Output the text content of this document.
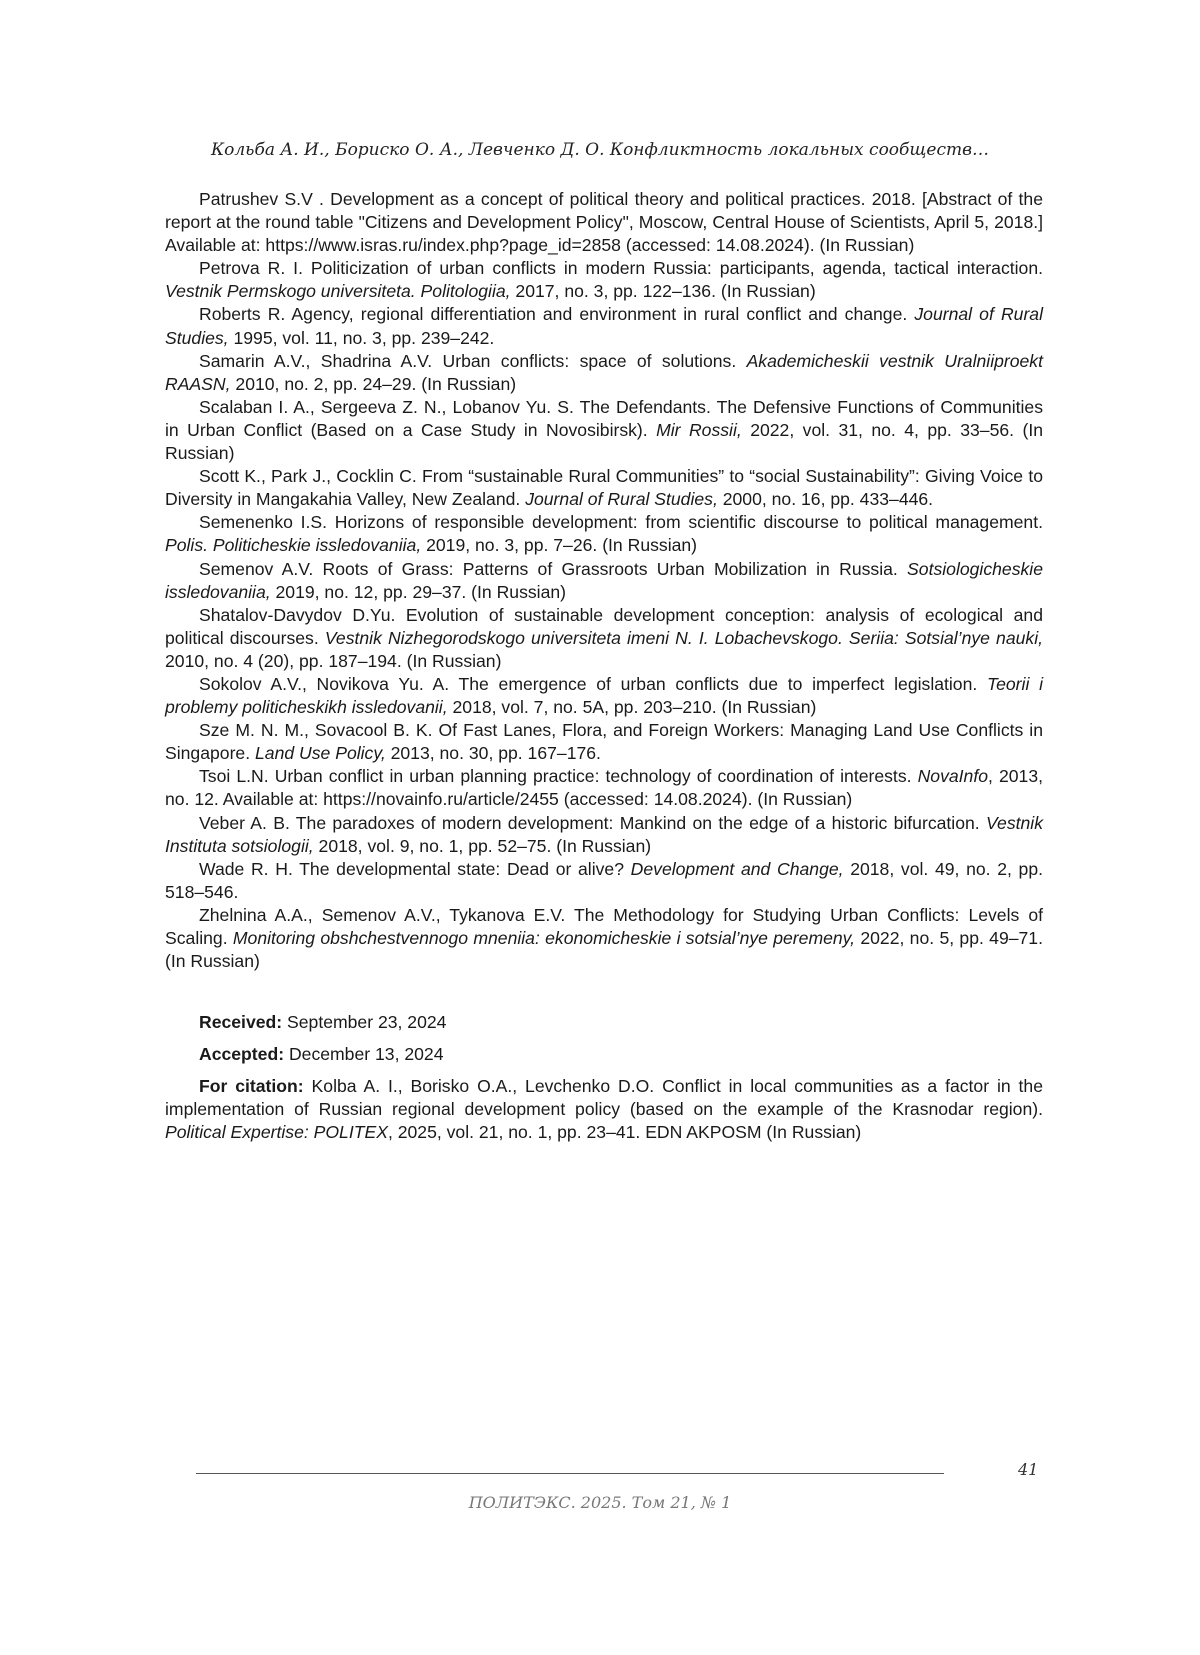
Кольба А. И., Бориско О. А., Левченко Д. О. Конфликтность локальных сообществ…

Patrushev S.V . Development as a concept of political theory and political practices. 2018. [Abstract of the report at the round table "Citizens and Development Policy", Moscow, Central House of Scientists, April 5, 2018.] Available at: https://www.isras.ru/index.php?page_id=2858 (accessed: 14.08.2024). (In Russian)

Petrova R. I. Politicization of urban conflicts in modern Russia: participants, agenda, tactical interaction. Vestnik Permskogo universiteta. Politologiia, 2017, no. 3, pp. 122–136. (In Russian)

Roberts R. Agency, regional differentiation and environment in rural conflict and change. Journal of Rural Studies, 1995, vol. 11, no. 3, pp. 239–242.

Samarin A.V., Shadrina A.V. Urban conflicts: space of solutions. Akademicheskii vestnik Uralniiproekt RAASN, 2010, no. 2, pp. 24–29. (In Russian)

Scalaban I. A., Sergeeva Z. N., Lobanov Yu. S. The Defendants. The Defensive Functions of Communities in Urban Conflict (Based on a Case Study in Novosibirsk). Mir Rossii, 2022, vol. 31, no. 4, pp. 33–56. (In Russian)

Scott K., Park J., Cocklin C. From “sustainable Rural Communities” to “social Sustainability”: Giving Voice to Diversity in Mangakahia Valley, New Zealand. Journal of Rural Studies, 2000, no. 16, pp. 433–446.

Semenenko I.S. Horizons of responsible development: from scientific discourse to political management. Polis. Politicheskie issledovaniia, 2019, no. 3, pp. 7–26. (In Russian)

Semenov A.V. Roots of Grass: Patterns of Grassroots Urban Mobilization in Russia. Sotsiologicheskie issledovaniia, 2019, no. 12, pp. 29–37. (In Russian)

Shatalov-Davydov D.Yu. Evolution of sustainable development conception: analysis of ecological and political discourses. Vestnik Nizhegorodskogo universiteta imeni N. I. Lobachevskogo. Seriia: Sotsial’nye nauki, 2010, no. 4 (20), pp. 187–194. (In Russian)

Sokolov A.V., Novikova Yu. A. The emergence of urban conflicts due to imperfect legislation. Teorii i problemy politicheskikh issledovanii, 2018, vol. 7, no. 5A, pp. 203–210. (In Russian)

Sze M. N. M., Sovacool B. K. Of Fast Lanes, Flora, and Foreign Workers: Managing Land Use Conflicts in Singapore. Land Use Policy, 2013, no. 30, pp. 167–176.

Tsoi L.N. Urban conflict in urban planning practice: technology of coordination of interests. NovaInfo, 2013, no. 12. Available at: https://novainfo.ru/article/2455 (accessed: 14.08.2024). (In Russian)

Veber A. B. The paradoxes of modern development: Mankind on the edge of a historic bifurcation. Vestnik Instituta sotsiologii, 2018, vol. 9, no. 1, pp. 52–75. (In Russian)

Wade R. H. The developmental state: Dead or alive? Development and Change, 2018, vol. 49, no. 2, pp. 518–546.

Zhelnina A.A., Semenov A.V., Tykanova E.V. The Methodology for Studying Urban Conflicts: Levels of Scaling. Monitoring obshchestvennogo mneniia: ekonomicheskie i sotsial’nye peremeny, 2022, no. 5, pp. 49–71. (In Russian)

Received: September 23, 2024

Accepted: December 13, 2024

For citation: Kolba A. I., Borisko O.A., Levchenko D.O. Conflict in local communities as a factor in the implementation of Russian regional development policy (based on the example of the Krasnodar region). Political Expertise: POLITEX, 2025, vol. 21, no. 1, pp. 23–41. EDN AKPOSM (In Russian)

41
ПОЛИТЭКС. 2025. Том 21, № 1
